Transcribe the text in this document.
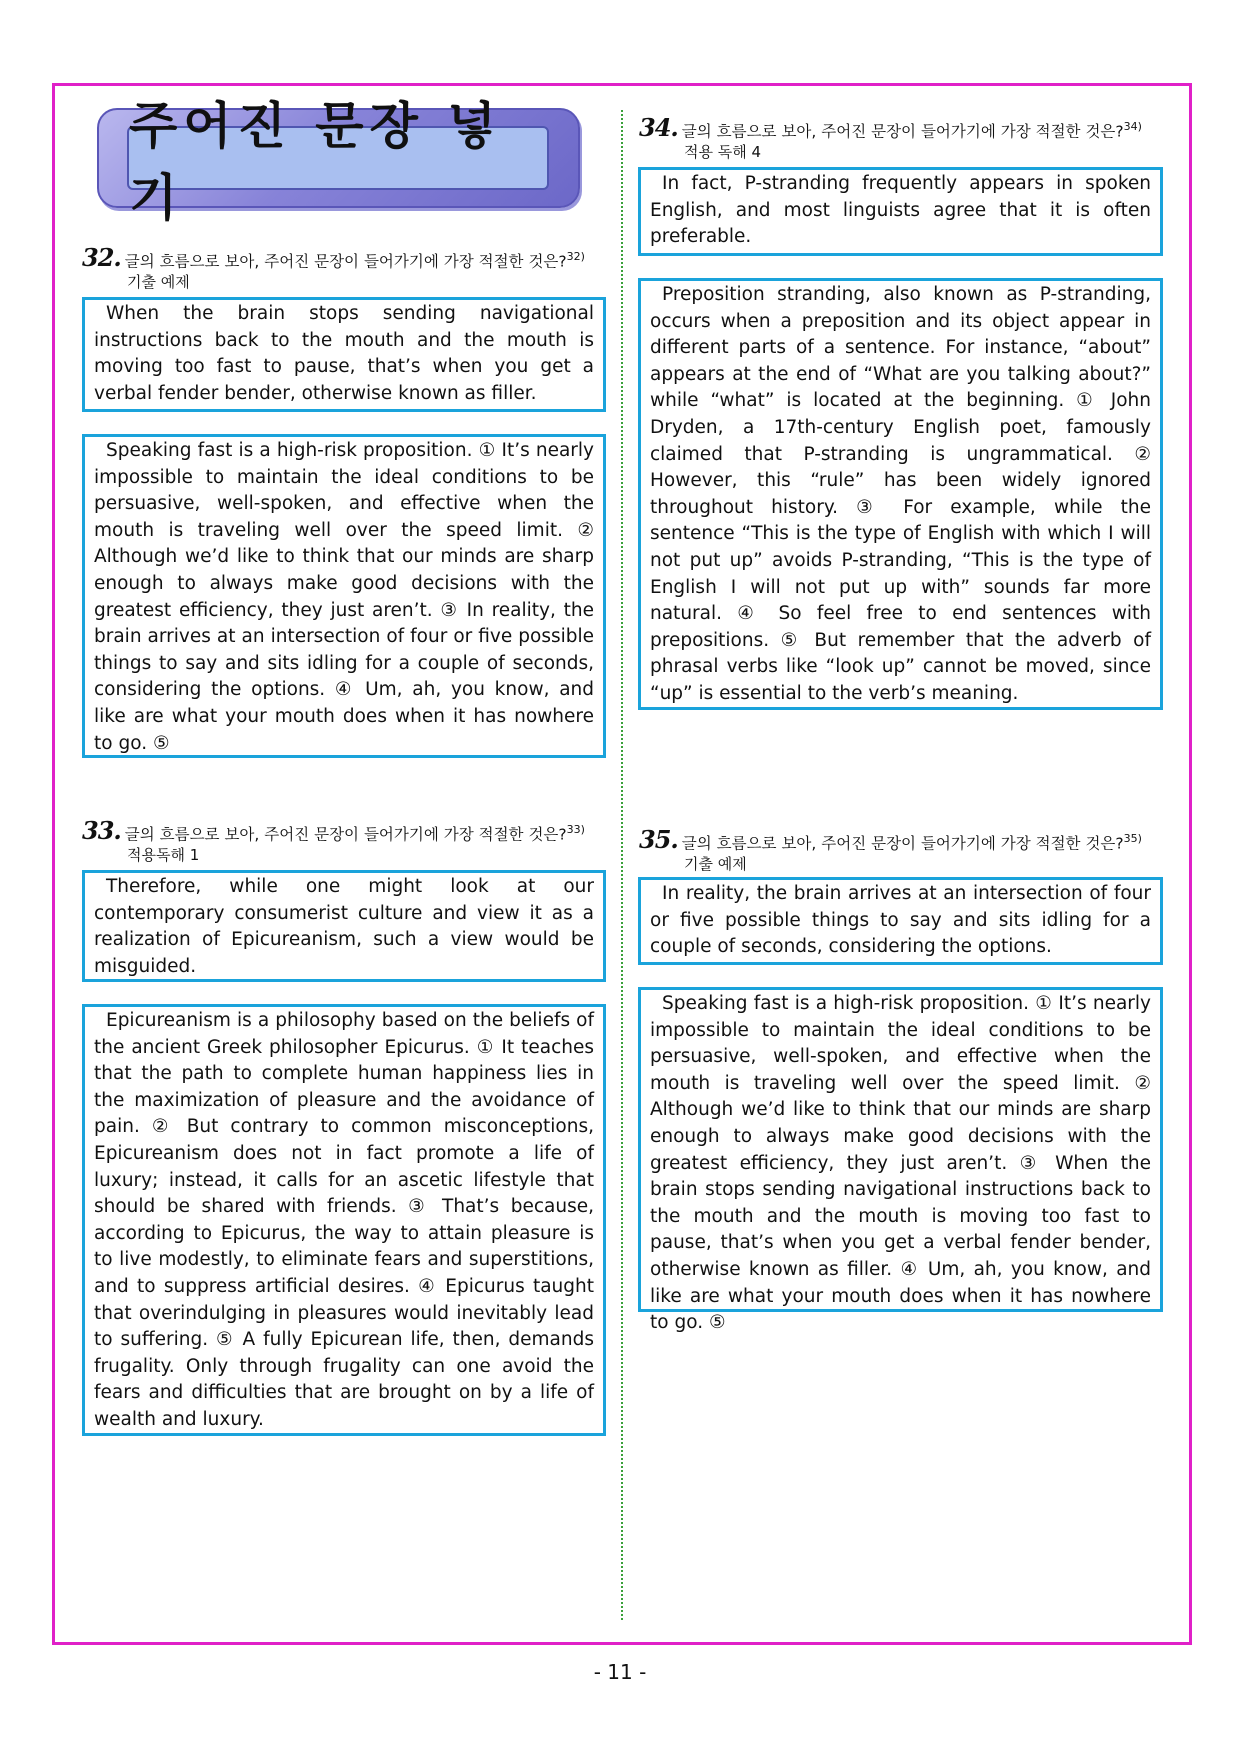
주어진 문장 넣기
32. 글의 흐름으로 보아, 주어진 문장이 들어가기에 가장 적절한 것은?$^{32)}$
기출 예제
When the brain stops sending navigational instructions back to the mouth and the mouth is moving too fast to pause, that’s when you get a verbal fender bender, otherwise known as filler.
Speaking fast is a high-risk proposition. ① It’s nearly impossible to maintain the ideal conditions to be persuasive, well-spoken, and effective when the mouth is traveling well over the speed limit. ② Although we’d like to think that our minds are sharp enough to always make good decisions with the greatest efficiency, they just aren’t. ③ In reality, the brain arrives at an intersection of four or five possible things to say and sits idling for a couple of seconds, considering the options. ④ Um, ah, you know, and like are what your mouth does when it has nowhere to go. ⑤
33. 글의 흐름으로 보아, 주어진 문장이 들어가기에 가장 적절한 것은?$^{33)}$
적용독해 1
Therefore, while one might look at our contemporary consumerist culture and view it as a realization of Epicureanism, such a view would be misguided.
Epicureanism is a philosophy based on the beliefs of the ancient Greek philosopher Epicurus. ① It teaches that the path to complete human happiness lies in the maximization of pleasure and the avoidance of pain. ② But contrary to common misconceptions, Epicureanism does not in fact promote a life of luxury; instead, it calls for an ascetic lifestyle that should be shared with friends. ③ That’s because, according to Epicurus, the way to attain pleasure is to live modestly, to eliminate fears and superstitions, and to suppress artificial desires. ④ Epicurus taught that overindulging in pleasures would inevitably lead to suffering. ⑤ A fully Epicurean life, then, demands frugality. Only through frugality can one avoid the fears and difficulties that are brought on by a life of wealth and luxury.
34. 글의 흐름으로 보아, 주어진 문장이 들어가기에 가장 적절한 것은?$^{34)}$
적용 독해 4
In fact, P-stranding frequently appears in spoken English, and most linguists agree that it is often preferable.
Preposition stranding, also known as P-stranding, occurs when a preposition and its object appear in different parts of a sentence. For instance, “about” appears at the end of “What are you talking about?” while “what” is located at the beginning. ① John Dryden, a 17th-century English poet, famously claimed that P-stranding is ungrammatical. ② However, this “rule” has been widely ignored throughout history. ③ For example, while the sentence “This is the type of English with which I will not put up” avoids P-stranding, “This is the type of English I will not put up with” sounds far more natural. ④ So feel free to end sentences with prepositions. ⑤ But remember that the adverb of phrasal verbs like “look up” cannot be moved, since “up” is essential to the verb’s meaning.
35. 글의 흐름으로 보아, 주어진 문장이 들어가기에 가장 적절한 것은?$^{35)}$
기출 예제
In reality, the brain arrives at an intersection of four or five possible things to say and sits idling for a couple of seconds, considering the options.
Speaking fast is a high-risk proposition. ① It’s nearly impossible to maintain the ideal conditions to be persuasive, well-spoken, and effective when the mouth is traveling well over the speed limit. ② Although we’d like to think that our minds are sharp enough to always make good decisions with the greatest efficiency, they just aren’t. ③ When the brain stops sending navigational instructions back to the mouth and the mouth is moving too fast to pause, that’s when you get a verbal fender bender, otherwise known as filler. ④ Um, ah, you know, and like are what your mouth does when it has nowhere to go. ⑤
- 11 -
